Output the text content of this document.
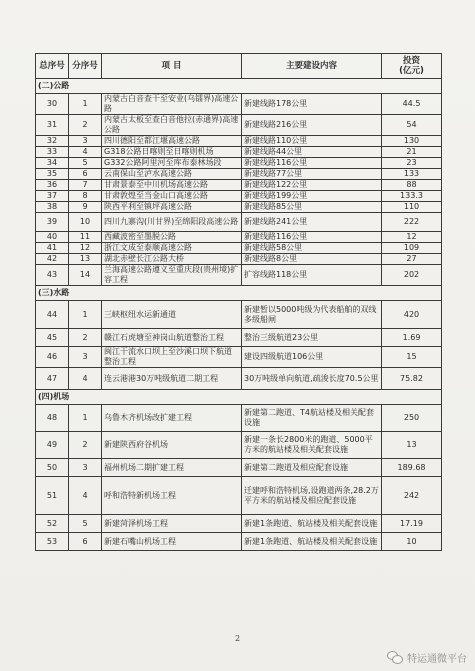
总序号	分序号	项 目	主要建设内容	投资
(亿元)

(二)公路				
30	1	内蒙古白音查干至安业(乌镭界)高速公路	新建线路178公里	44.5
31	2	内蒙古太板至查白音他拉(赤通界)高速公路	新建线路216公里	54
32	3	四川德阳至都江堰高速公路	新建线路110公里	130
33	4	G318公路日喀则至日喀则机场	新建线路44公里	21
34	5	G332公路阿里河至库布泰林场段	新建线路116公里	23
35	6	云南保山至泸水高速公路	新建线路77公里	133
36	7	甘肃景泰至中川机场高速公路	新建线路122公里	88
37	8	甘肃敦煌至当金山口高速公路	新建线路199公里	133.3
38	9	陕西平利至镇坪高速公路	新建线路85公里	110
39	10	四川九寨沟(川甘界)至绵阳段高速公路	新建线路241公里	222
40	11	西藏波密至墨脱公路	新建线路116公里	12
41	12	浙江文成至泰顺高速公路	新建线路58公里	109
42	13	湖北赤壁长江公路大桥	新建线路8公里	27
43	14	兰海高速公路遵义至重庆段(贵州境)扩容工程	扩容线路118公里	202
(三)水路				
44	1	三峡枢纽水运新通道	新建暂以5000吨级为代表船舶的双线多级船闸	420
45	2	赣江石虎塘至神岗山航道整治工程	整治三级航道23公里	1.69
46	3	闽江干流水口坝上至沙溪口坝下航道整治工程	建设四级航道106公里	15
47	4	连云港港30万吨级航道二期工程	30万吨级单向航道,疏浚长度70.5公里	75.82
(四)机场				
48	1	乌鲁木齐机场改扩建工程	新建第二跑道、T4航站楼及相关配套设施	250
49	2	新建陕西府谷机场	新建一条长2800米的跑道、5000平方米的航站楼及相关配套设施	13
50	3	福州机场二期扩建工程	新建第二跑道及相应配套设施	189.68
51	4	呼和浩特新机场工程	迁建呼和浩特机场,设跑道两条,28.2万平方米的航站楼及相应配套设施	242
52	5	新建菏泽机场工程	新建1条跑道、航站楼及相关配套设施	17.19
53	6	新建石嘴山机场工程	新建1条跑道、航站楼及相关配套设施	10
2
特运通微平台
